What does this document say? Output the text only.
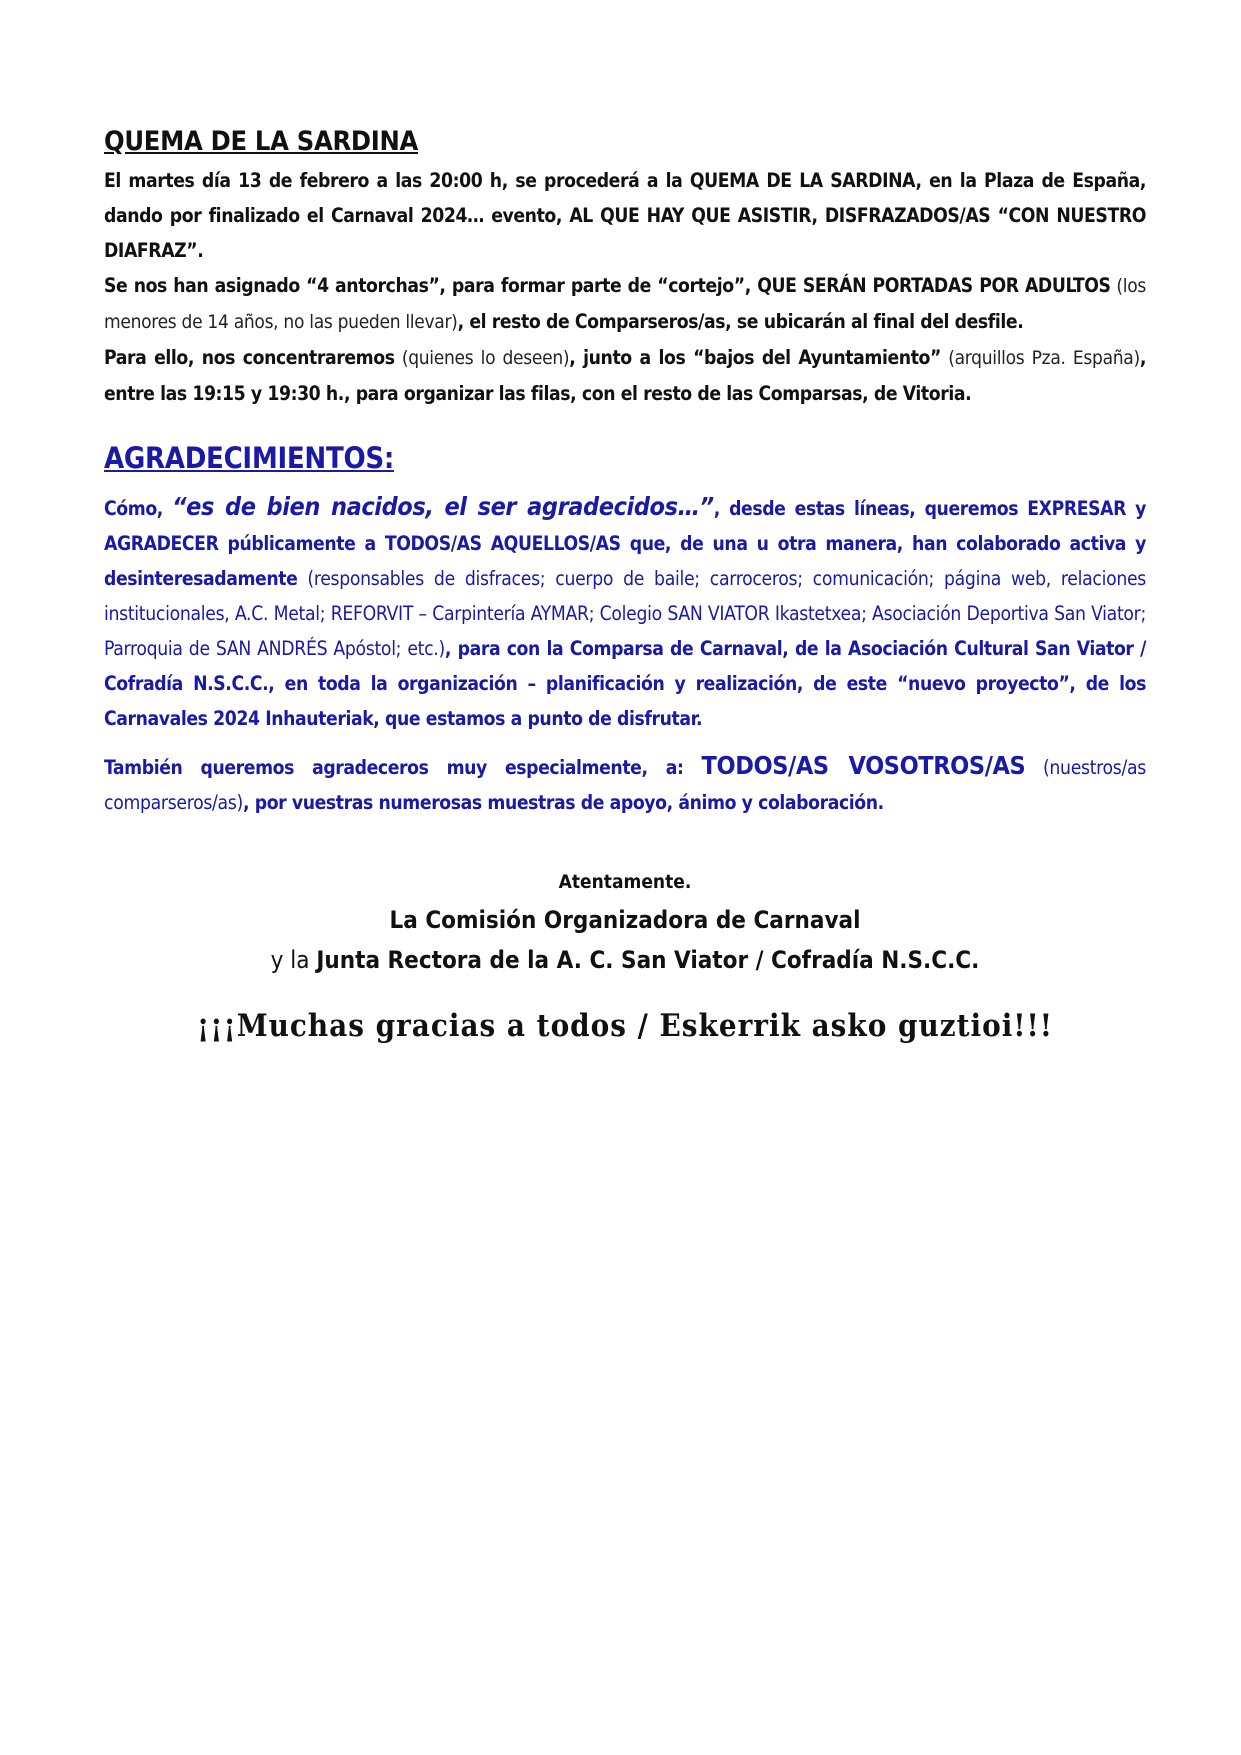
QUEMA DE LA SARDINA

El martes día 13 de febrero a las 20:00 h, se procederá a la QUEMA DE LA SARDINA, en la Plaza de España, dando por finalizado el Carnaval 2024… evento, AL QUE HAY QUE ASISTIR, DISFRAZADOS/AS “CON NUESTRO DIAFRAZ”.

Se nos han asignado “4 antorchas”, para formar parte de “cortejo”, QUE SERÁN PORTADAS POR ADULTOS (los menores de 14 años, no las pueden llevar), el resto de Comparseros/as, se ubicarán al final del desfile.

Para ello, nos concentraremos (quienes lo deseen), junto a los “bajos del Ayuntamiento” (arquillos Pza. España), entre las 19:15 y 19:30 h., para organizar las filas, con el resto de las Comparsas, de Vitoria.

AGRADECIMIENTOS:

Cómo, “es de bien nacidos, el ser agradecidos…”, desde estas líneas, queremos EXPRESAR y AGRADECER públicamente a TODOS/AS AQUELLOS/AS que, de una u otra manera, han colaborado activa y desinteresadamente (responsables de disfraces; cuerpo de baile; carroceros; comunicación; página web, relaciones institucionales, A.C. Metal; REFORVIT – Carpintería AYMAR; Colegio SAN VIATOR Ikastetxea; Asociación Deportiva San Viator; Parroquia de SAN ANDRÉS Apóstol; etc.), para con la Comparsa de Carnaval, de la Asociación Cultural San Viator / Cofradía N.S.C.C., en toda la organización – planificación y realización, de este “nuevo proyecto”, de los Carnavales 2024 Inhauteriak, que estamos a punto de disfrutar.

También queremos agradeceros muy especialmente, a: TODOS/AS VOSOTROS/AS (nuestros/as comparseros/as), por vuestras numerosas muestras de apoyo, ánimo y colaboración.

Atentamente.
La Comisión Organizadora de Carnaval
y la Junta Rectora de la A. C. San Viator / Cofradía N.S.C.C.
¡¡¡Muchas gracias a todos / Eskerrik asko guztioi!!!
